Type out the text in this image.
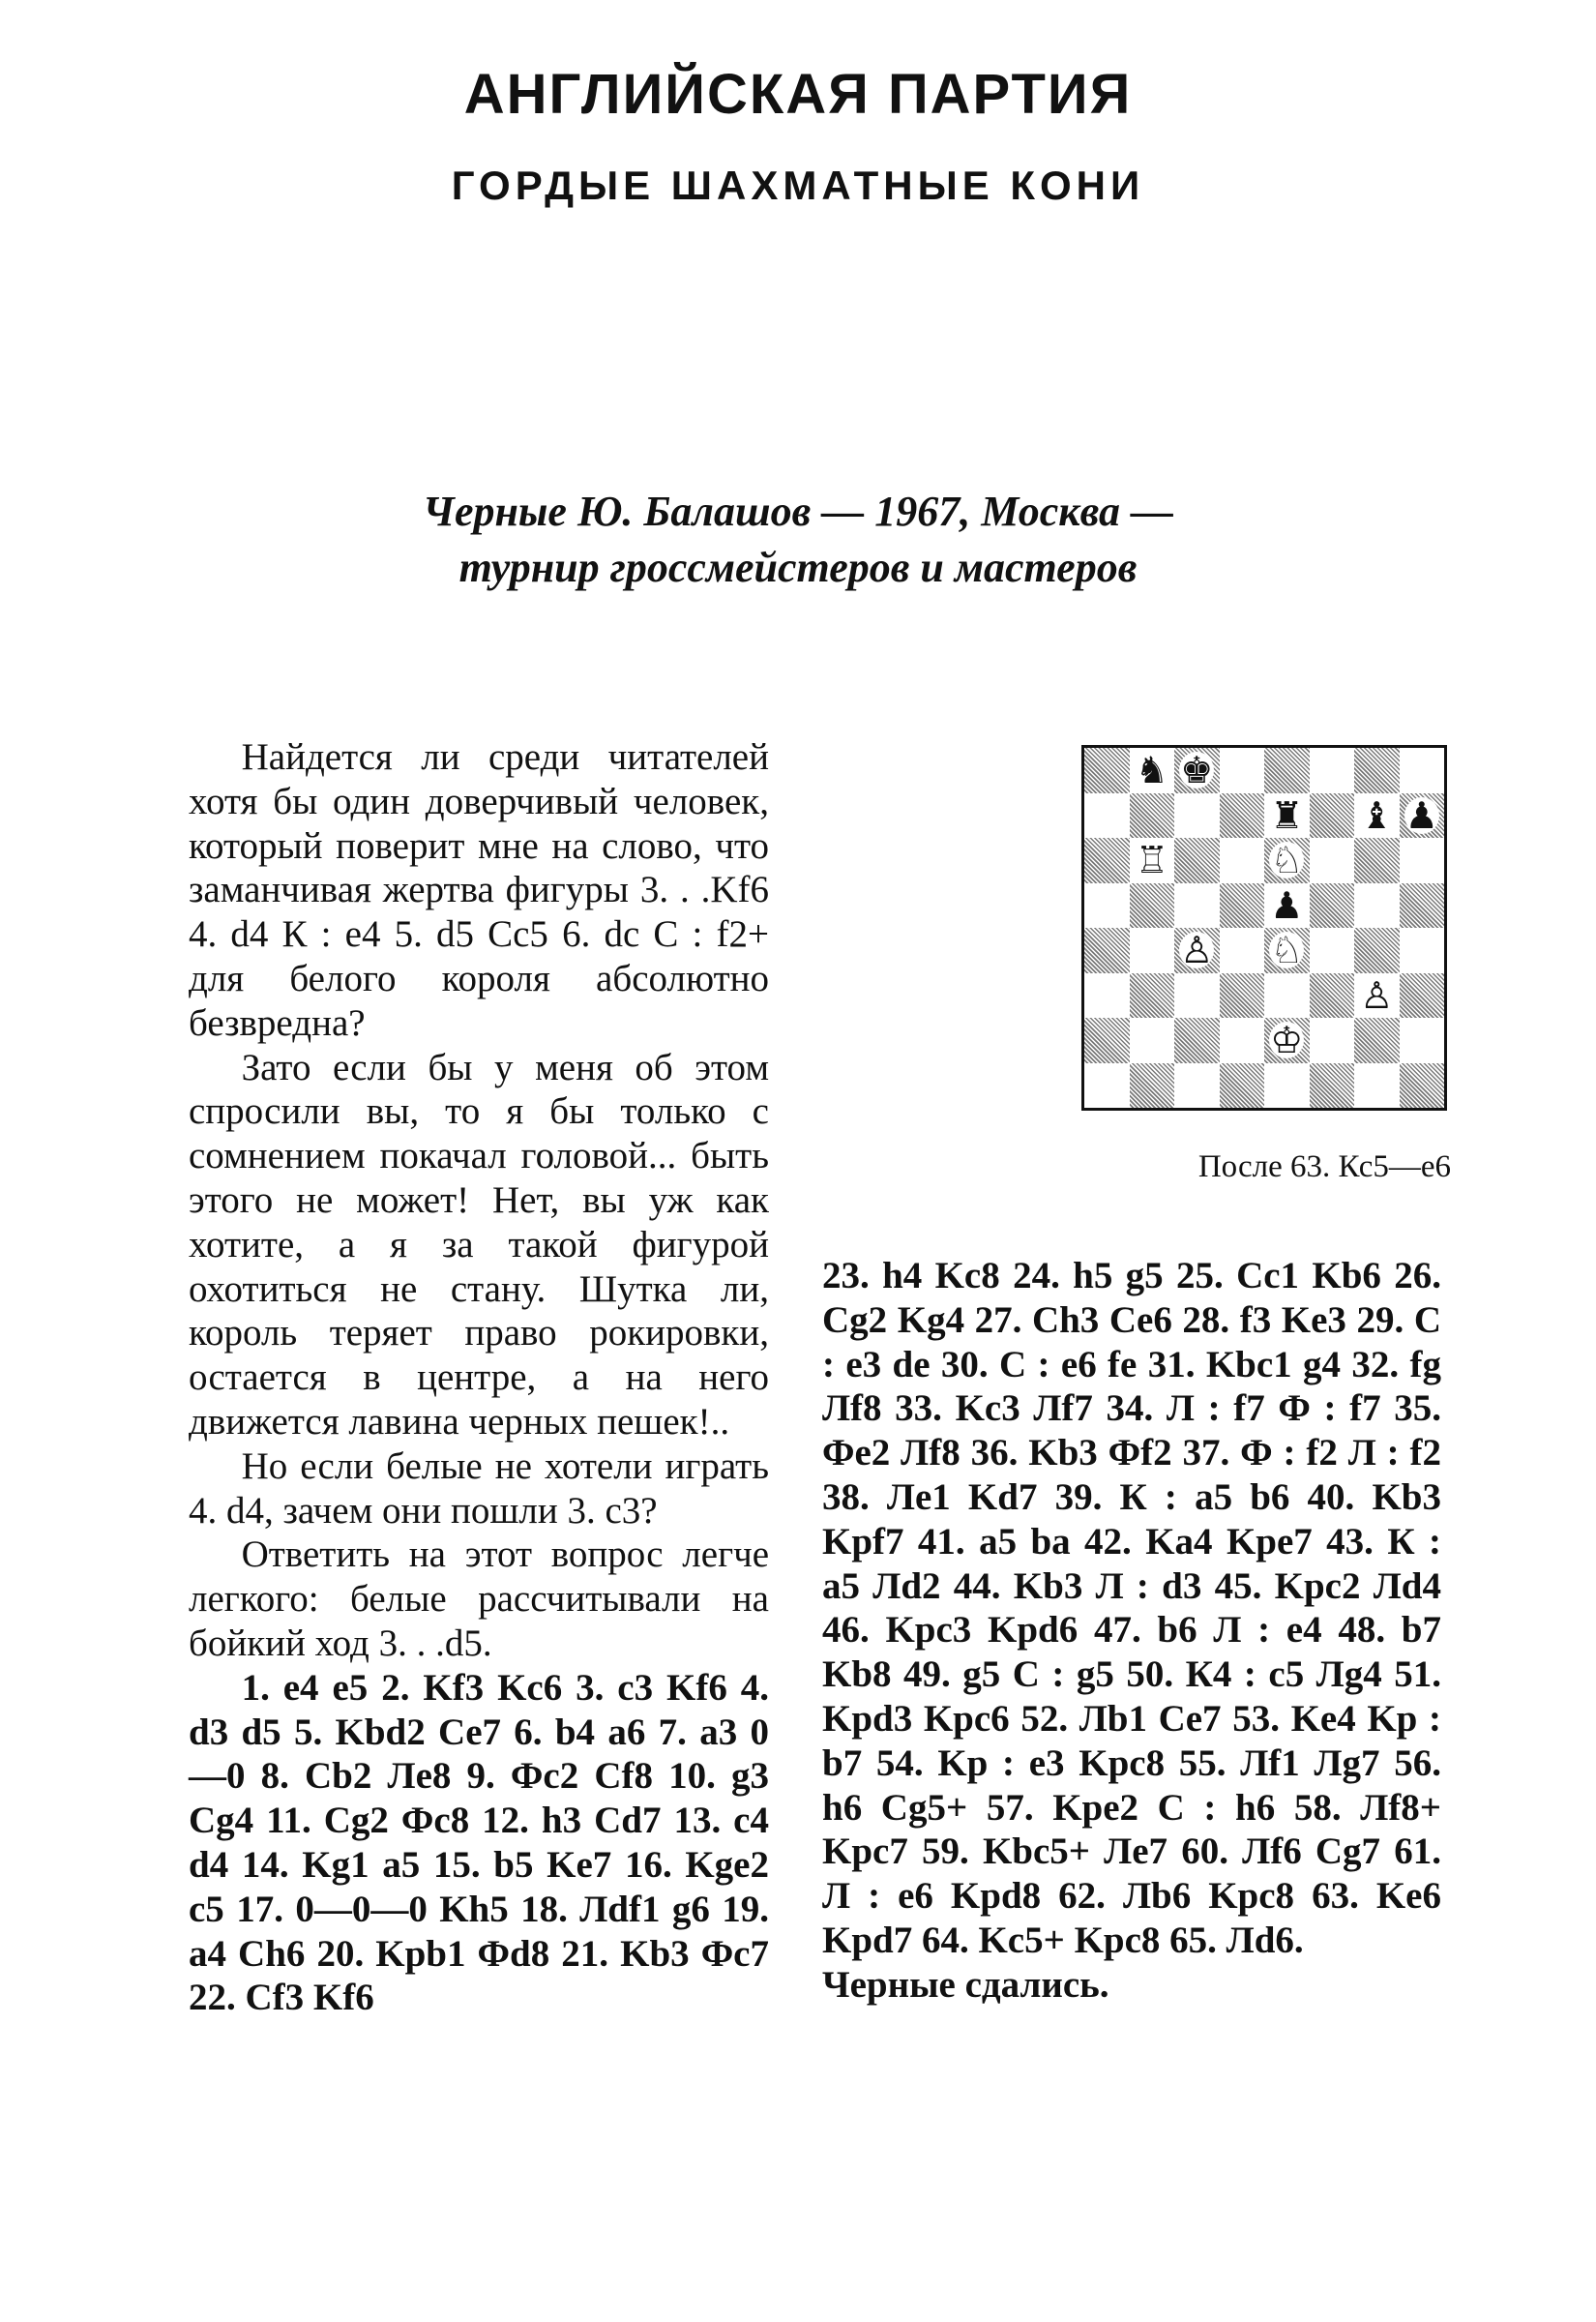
АНГЛИЙСКАЯ ПАРТИЯ
ГОРДЫЕ ШАХМАТНЫЕ КОНИ
Черные Ю. Балашов — 1967, Москва —
турнир гроссмейстеров и мастеров

Найдется ли среди читателей хотя бы один доверчивый человек, который поверит мне на слово, что заманчивая жертва фигуры 3. . .Kf6 4. d4 К : e4 5. d5 Cc5 6. dc С : f2+ для белого короля абсолютно безвредна?

Зато если бы у меня об этом спросили вы, то я бы только с сомнением покачал головой... быть этого не может! Нет, вы уж как хотите, а я за такой фигурой охотиться не стану. Шутка ли, король теряет право рокировки, остается в центре, а на него движется лавина черных пешек!..

Но если белые не хотели играть 4. d4, зачем они пошли 3. c3?

Ответить на этот вопрос легче легкого: белые рассчитывали на бойкий ход 3. . .d5.

1. e4 e5 2. Kf3 Kc6 3. c3 Kf6 4. d3 d5 5. Kbd2 Ce7 6. b4 a6 7. a3 0—0 8. Cb2 Лe8 9. Фc2 Cf8 10. g3 Cg4 11. Cg2 Фc8 12. h3 Cd7 13. c4 d4 14. Kg1 a5 15. b5 Ke7 16. Kge2 c5 17. 0—0—0 Kh5 18. Лdf1 g6 19. a4 Ch6 20. Kpb1 Фd8 21. Kb3 Фc7 22. Cf3 Kf6

♞ ♚
♜ ♝ ♟
♖	♘
♟
♙ ♘
♙
♔
После 63. Кс5—е6

23. h4 Kc8 24. h5 g5 25. Cc1 Kb6 26. Cg2 Kg4 27. Ch3 Ce6 28. f3 Ke3 29. С : e3 de 30. С : e6 fe 31. Kbc1 g4 32. fg Лf8 33. Kc3 Лf7 34. Л : f7 Ф : f7 35. Фe2 Лf8 36. Kb3 Фf2 37. Ф : f2 Л : f2 38. Лe1 Kd7 39. К : a5 b6 40. Kb3 Kpf7 41. a5 ba 42. Ka4 Kpe7 43. К : a5 Лd2 44. Kb3 Л : d3 45. Kpc2 Лd4 46. Kpc3 Kpd6 47. b6 Л : e4 48. b7 Kb8 49. g5 С : g5 50. К4 : c5 Лg4 51. Kpd3 Kpc6 52. Лb1 Ce7 53. Ke4 Kp : b7 54. Kp : e3 Kpc8 55. Лf1 Лg7 56. h6 Cg5+ 57. Kpe2 С : h6 58. Лf8+ Kpc7 59. Kbc5+ Лe7 60. Лf6 Cg7 61. Л : e6 Kpd8 62. Лb6 Kpc8 63. Ke6 Kpd7 64. Kc5+ Kpc8 65. Лd6.

Черные сдались.
